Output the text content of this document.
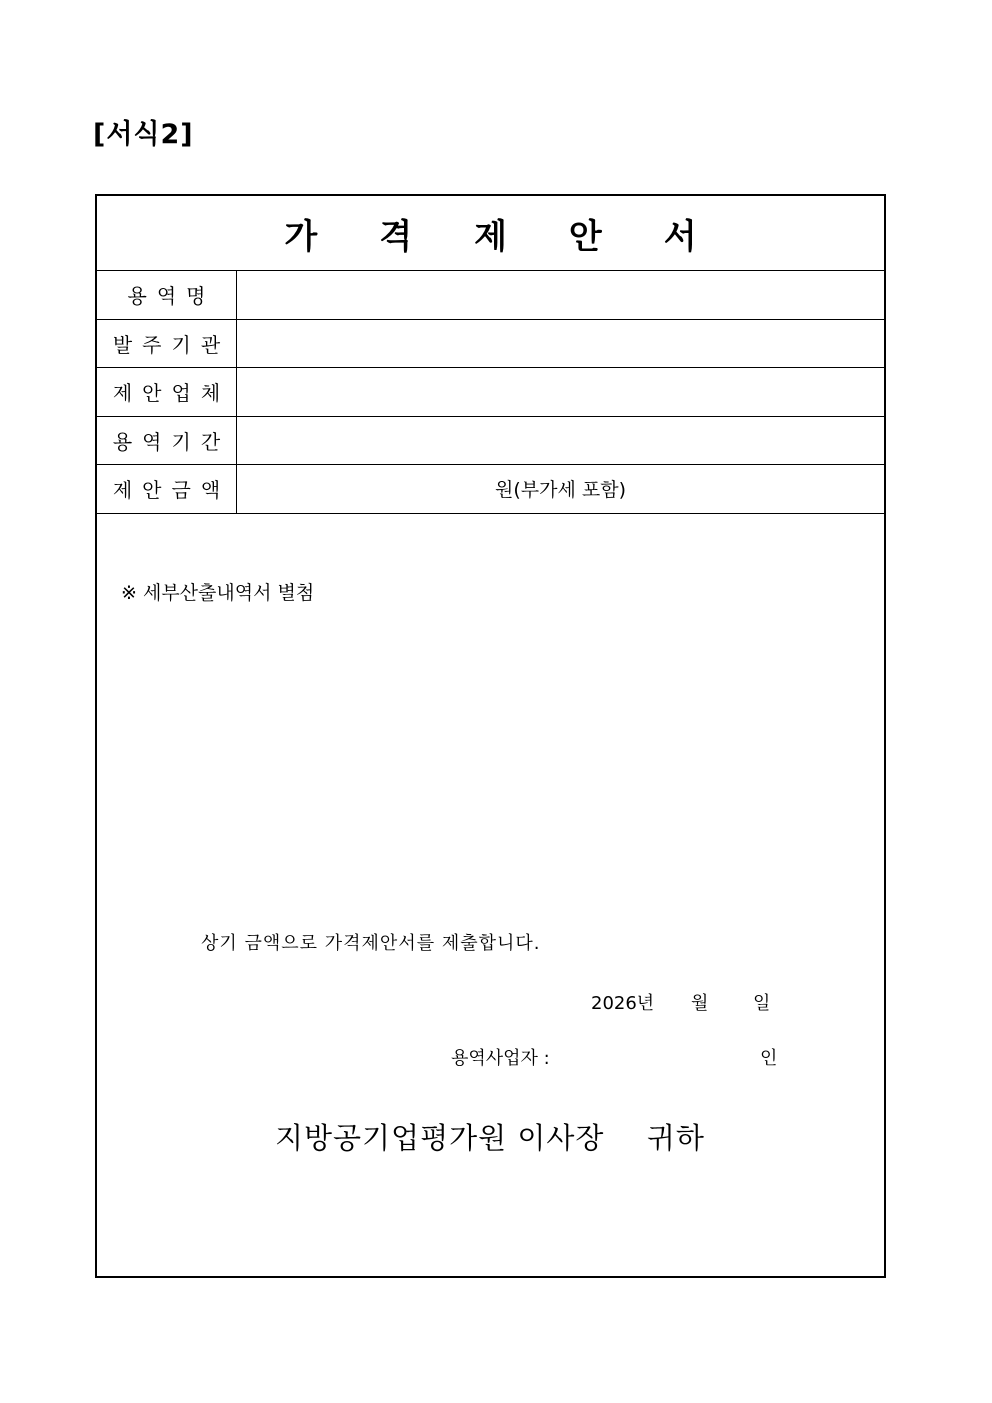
[서식2]
가 격 제 안 서
용 역 명
발 주 기 관
제 안 업 체
용 역 기 간
제 안 금 액	원(부가세 포함)
※ 세부산출내역서 별첨
상기 금액으로 가격제안서를 제출합니다.
2026년 월 일
용역사업자 :	인
지방공기업평가원 이사장 귀하
